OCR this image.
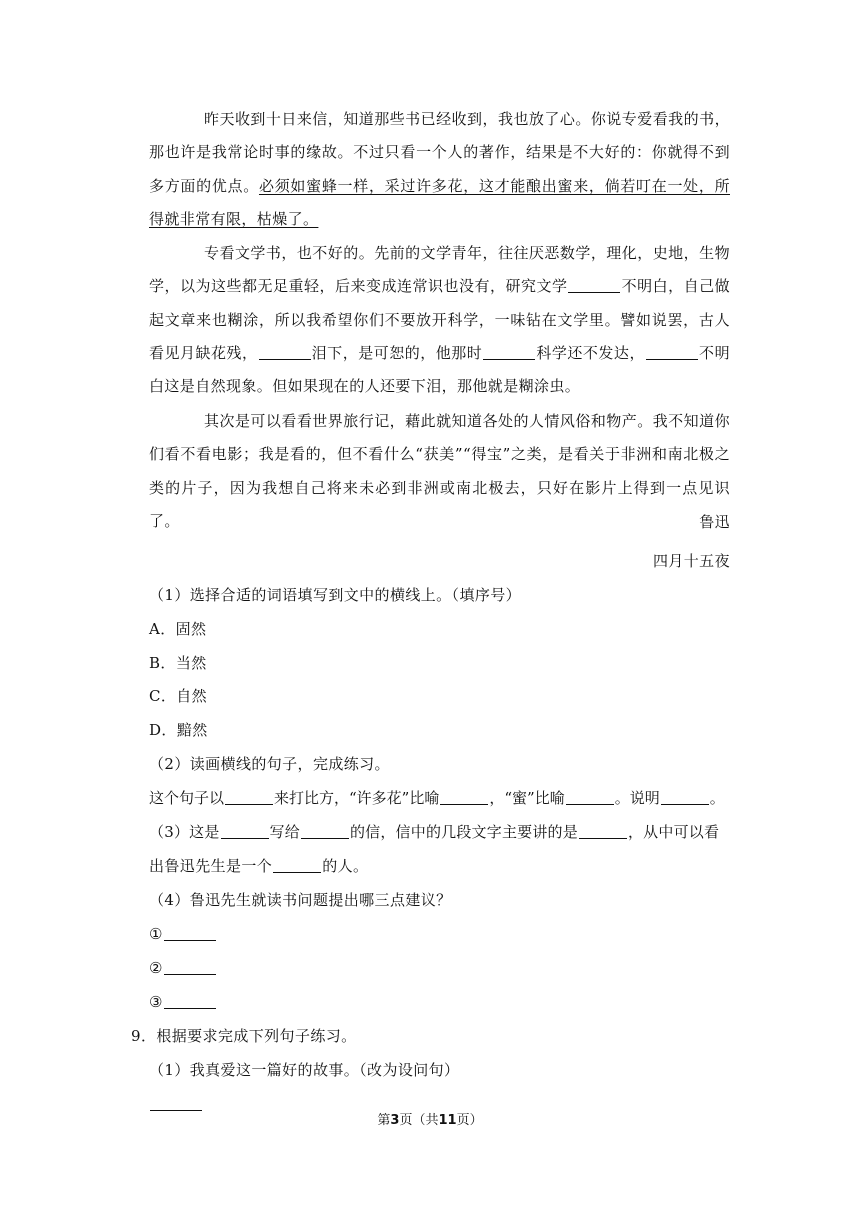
昨天收到十日来信，知道那些书已经收到，我也放了心。你说专爱看我的书，那也许是我常论时事的缘故。不过只看一个人的著作，结果是不大好的：你就得不到多方面的优点。必须如蜜蜂一样，采过许多花，这才能酿出蜜来，倘若叮在一处，所得就非常有限，枯燥了。
专看文学书，也不好的。先前的文学青年，往往厌恶数学，理化，史地，生物学，以为这些都无足重轻，后来变成连常识也没有，研究文学	不明白，自己做起文章来也糊涂，所以我希望你们不要放开科学，一味钻在文学里。譬如说罢，古人看见月缺花残，	泪下，是可恕的，他那时	科学还不发达，	不明白这是自然现象。但如果现在的人还要下泪，那他就是糊涂虫。
其次是可以看看世界旅行记，藉此就知道各处的人情风俗和物产。我不知道你们看不看电影；我是看的，但不看什么“获美”“得宝”之类，是看关于非洲和南北极之类的片子，因为我想自己将来未必到非洲或南北极去，只好在影片上得到一点见识了。	鲁迅
四月十五夜
（1）选择合适的词语填写到文中的横线上。（填序号）
A．固然
B．当然
C．自然
D．黯然
（2）读画横线的句子，完成练习。
这个句子以	来打比方，“许多花”比喻	，“蜜”比喻	。说明	。
（3）这是	写给	的信，信中的几段文字主要讲的是	，从中可以看
出鲁迅先生是一个	的人。
（4）鲁迅先生就读书问题提出哪三点建议？
①
②
③
9．根据要求完成下列句子练习。
（1）我真爱这一篇好的故事。（改为设问句）
第3页（共11页）
